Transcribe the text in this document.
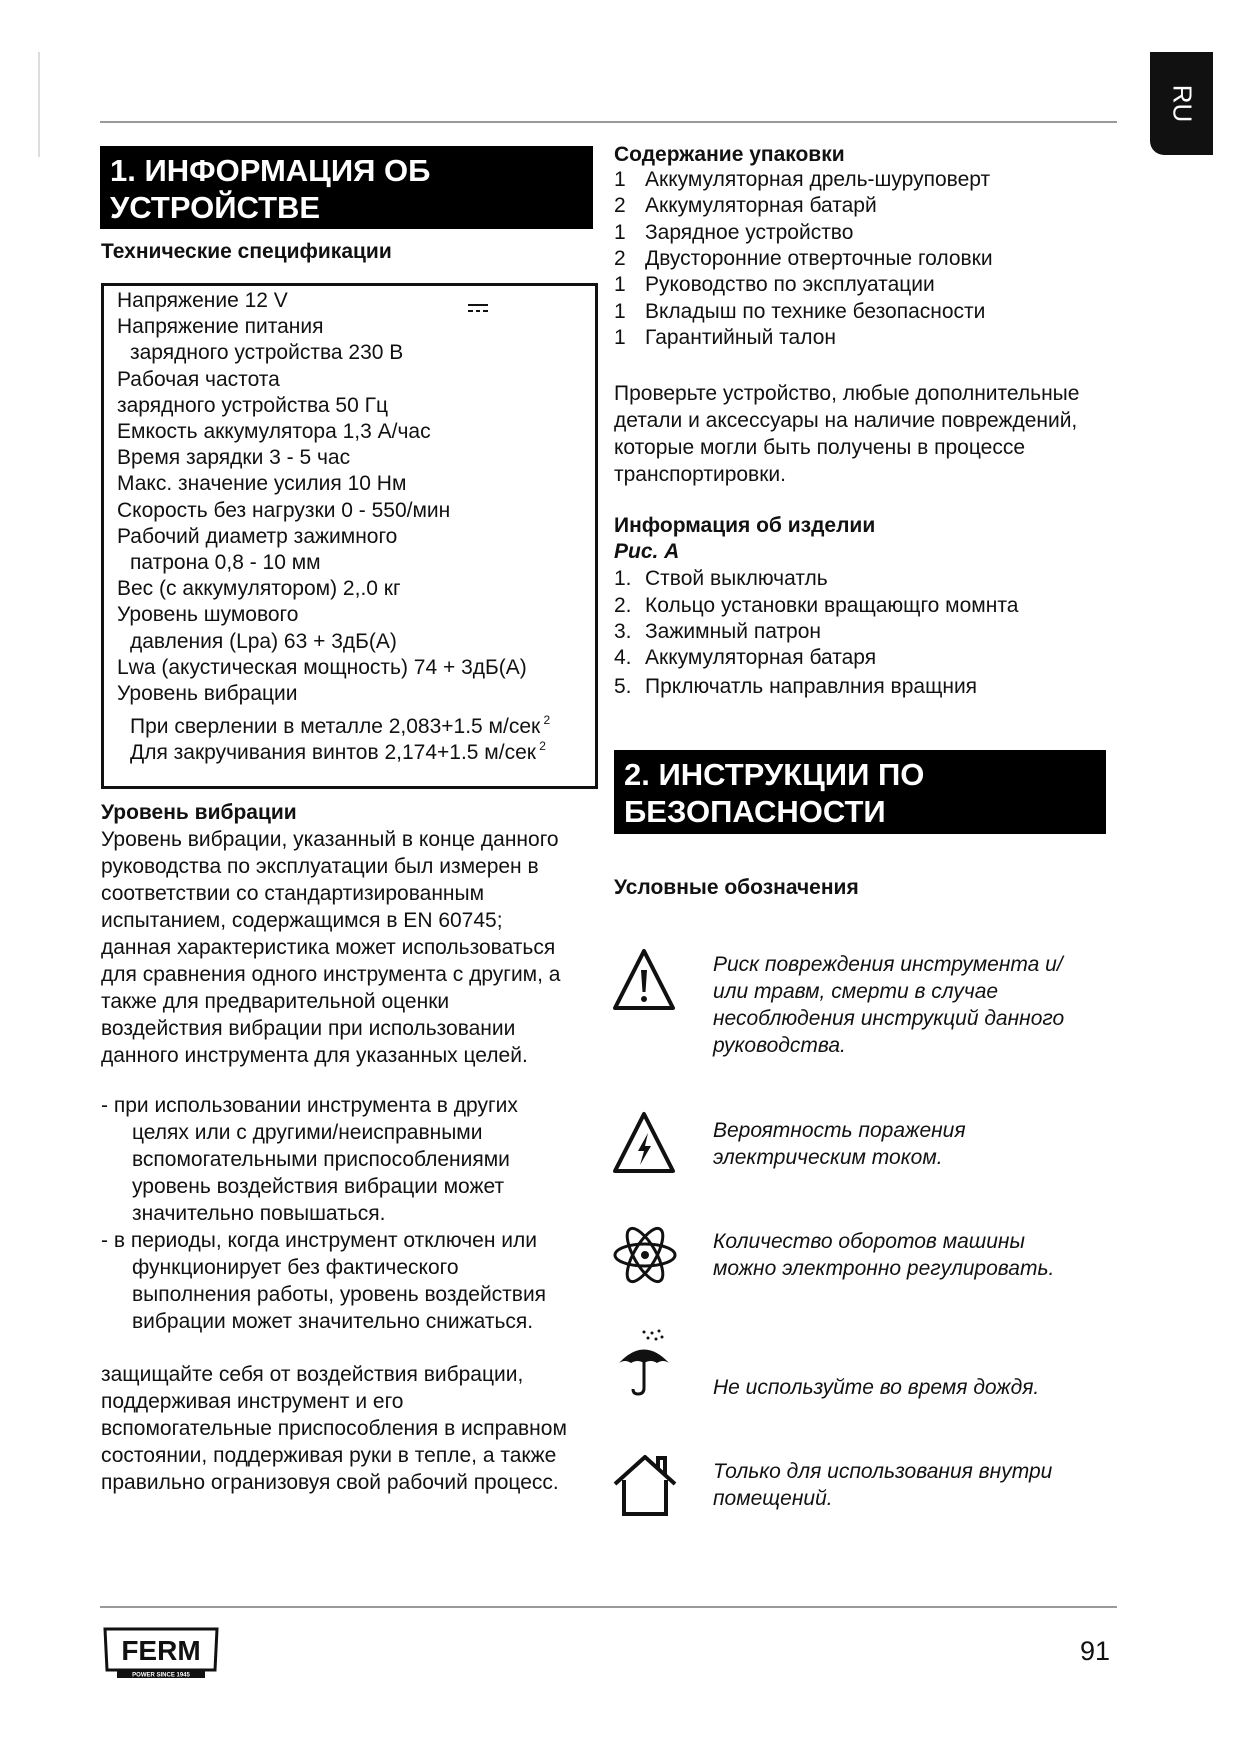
RU
1. ИНФОРМАЦИЯ ОБ
УСТРОЙСТВЕ
Технические спецификации
Напряжение 12 V
Напряжение питания
зарядного устройства 230 В
Рабочая частота
зарядного устройства 50 Гц
Емкость аккумулятора 1,3 А/час
Время зарядки 3 - 5 час
Макс. значение усилия 10 Нм
Скорость без нагрузки 0 - 550/мин
Рабочий диаметр зажимного
патрона 0,8 - 10 мм
Вес (с аккумулятором) 2,.0 кг
Уровень шумового
давления (Lpa) 63 + 3дБ(А)
Lwa (акустическая мощность) 74 + 3дБ(А)
Уровень вибрации
При сверлении в металле 2,083+1.5 м/сек $^2$
Для закручивания винтов 2,174+1.5 м/сек $^2$
Уровень вибрации
Уровень вибрации, указанный в конце данного
руководства по эксплуатации был измерен в
соответствии со стандартизированным
испытанием, содержащимся в EN 60745;
данная характеристика может использоваться
для сравнения одного инструмента с другим, а
также для предварительной оценки
воздействия вибрации при использовании
данного инструмента для указанных целей.
- при использовании инструмента в других
целях или с другими/неисправными
вспомогательными приспособлениями
уровень воздействия вибрации может
значительно повышаться.
- в периоды, когда инструмент отключен или
функционирует без фактического
выполнения работы, уровень воздействия
вибрации может значительно снижаться.
защищайте себя от воздействия вибрации,
поддерживая инструмент и его
вспомогательные приспособления в исправном
состоянии, поддерживая руки в тепле, а также
правильно огранизовуя свой рабочий процесс.
Содержание упаковки
1 Аккумуляторная дрель-шуруповерт
2 Аккумуляторная батарй
1 Зарядное устройство
2 Двусторонние отверточные головки
1 Руководство по эксплуатации
1 Вкладыш по технике безопасности
1 Гарантийный талон
Проверьте устройство, любые дополнительные
детали и аксессуары на наличие повреждений,
которые могли быть получены в процессе
транспортировки.
Информация об изделии
Рис. А
1. Ствой выключатль
2. Кольцо установки вращающго момнта
3. Зажимный патрон
4. Аккумуляторная батаря
5. Прключатль направлния вращния
2. ИНСТРУКЦИИ ПО
БЕЗОПАСНОСТИ
Условные обозначения
Риск повреждения инструмента и/
или травм, смерти в случае
несоблюдения инструкций данного
руководства.
Вероятность поражения
электрическим током.
Количество оборотов машины
можно электронно регулировать.
Не используйте во время дождя.
Только для использования внутри
помещений.
FERM
POWER SINCE 1945
91
